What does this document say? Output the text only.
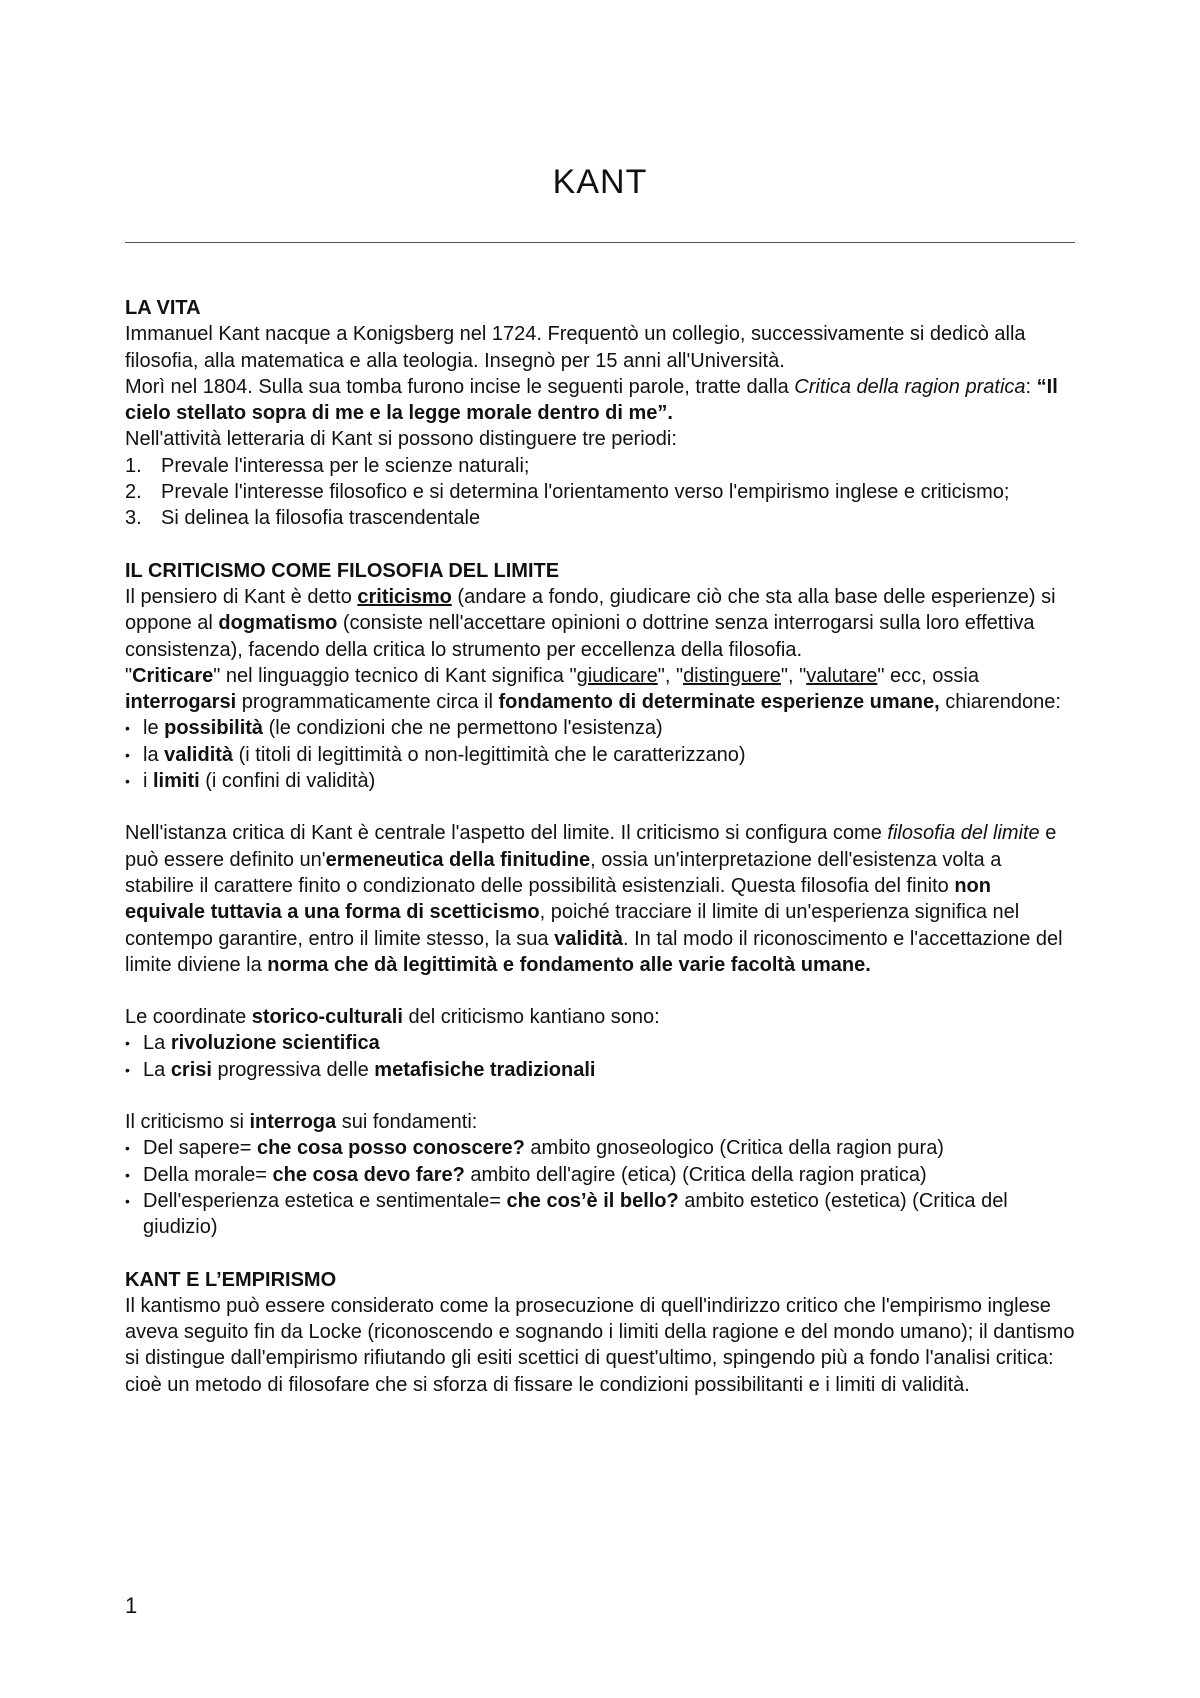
KANT
LA VITA

Immanuel Kant nacque a Konigsberg nel 1724. Frequentò un collegio, successivamente si dedicò alla filosofia, alla matematica e alla teologia. Insegnò per 15 anni all'Università.
Morì nel 1804. Sulla sua tomba furono incise le seguenti parole, tratte dalla Critica della ragion pratica: “Il cielo stellato sopra di me e la legge morale dentro di me”.

Nell'attività letteraria di Kant si possono distinguere tre periodi:

1. Prevale l'interessa per le scienze naturali;
2. Prevale l'interesse filosofico e si determina l'orientamento verso l'empirismo inglese e criticismo;
3. Si delinea la filosofia trascendentale
IL CRITICISMO COME FILOSOFIA DEL LIMITE

Il pensiero di Kant è detto criticismo (andare a fondo, giudicare ciò che sta alla base delle esperienze) si oppone al dogmatismo (consiste nell'accettare opinioni o dottrine senza interrogarsi sulla loro effettiva consistenza), facendo della critica lo strumento per eccellenza della filosofia.

"Criticare" nel linguaggio tecnico di Kant significa "giudicare", "distinguere", "valutare" ecc, ossia interrogarsi programmaticamente circa il fondamento di determinate esperienze umane, chiarendone:

• le possibilità (le condizioni che ne permettono l'esistenza)
• la validità (i titoli di legittimità o non-legittimità che le caratterizzano)
• i limiti (i confini di validità)

Nell'istanza critica di Kant è centrale l'aspetto del limite. Il criticismo si configura come filosofia del limite e può essere definito un'ermeneutica della finitudine, ossia un'interpretazione dell'esistenza volta a stabilire il carattere finito o condizionato delle possibilità esistenziali. Questa filosofia del finito non equivale tuttavia a una forma di scetticismo, poiché tracciare il limite di un'esperienza significa nel contempo garantire, entro il limite stesso, la sua validità. In tal modo il riconoscimento e l'accettazione del limite diviene la norma che dà legittimità e fondamento alle varie facoltà umane.

Le coordinate storico-culturali del criticismo kantiano sono:

• La rivoluzione scientifica
• La crisi progressiva delle metafisiche tradizionali

Il criticismo si interroga sui fondamenti:

• Del sapere= che cosa posso conoscere? ambito gnoseologico (Critica della ragion pura)
• Della morale= che cosa devo fare? ambito dell'agire (etica) (Critica della ragion pratica)
• Dell'esperienza estetica e sentimentale= che cos’è il bello? ambito estetico (estetica) (Critica del giudizio)
KANT E L’EMPIRISMO

Il kantismo può essere considerato come la prosecuzione di quell'indirizzo critico che l'empirismo inglese aveva seguito fin da Locke (riconoscendo e sognando i limiti della ragione e del mondo umano); il dantismo si distingue dall'empirismo rifiutando gli esiti scettici di quest'ultimo, spingendo più a fondo l'analisi critica: cioè un metodo di filosofare che si sforza di fissare le condizioni possibilitanti e i limiti di validità.

1
